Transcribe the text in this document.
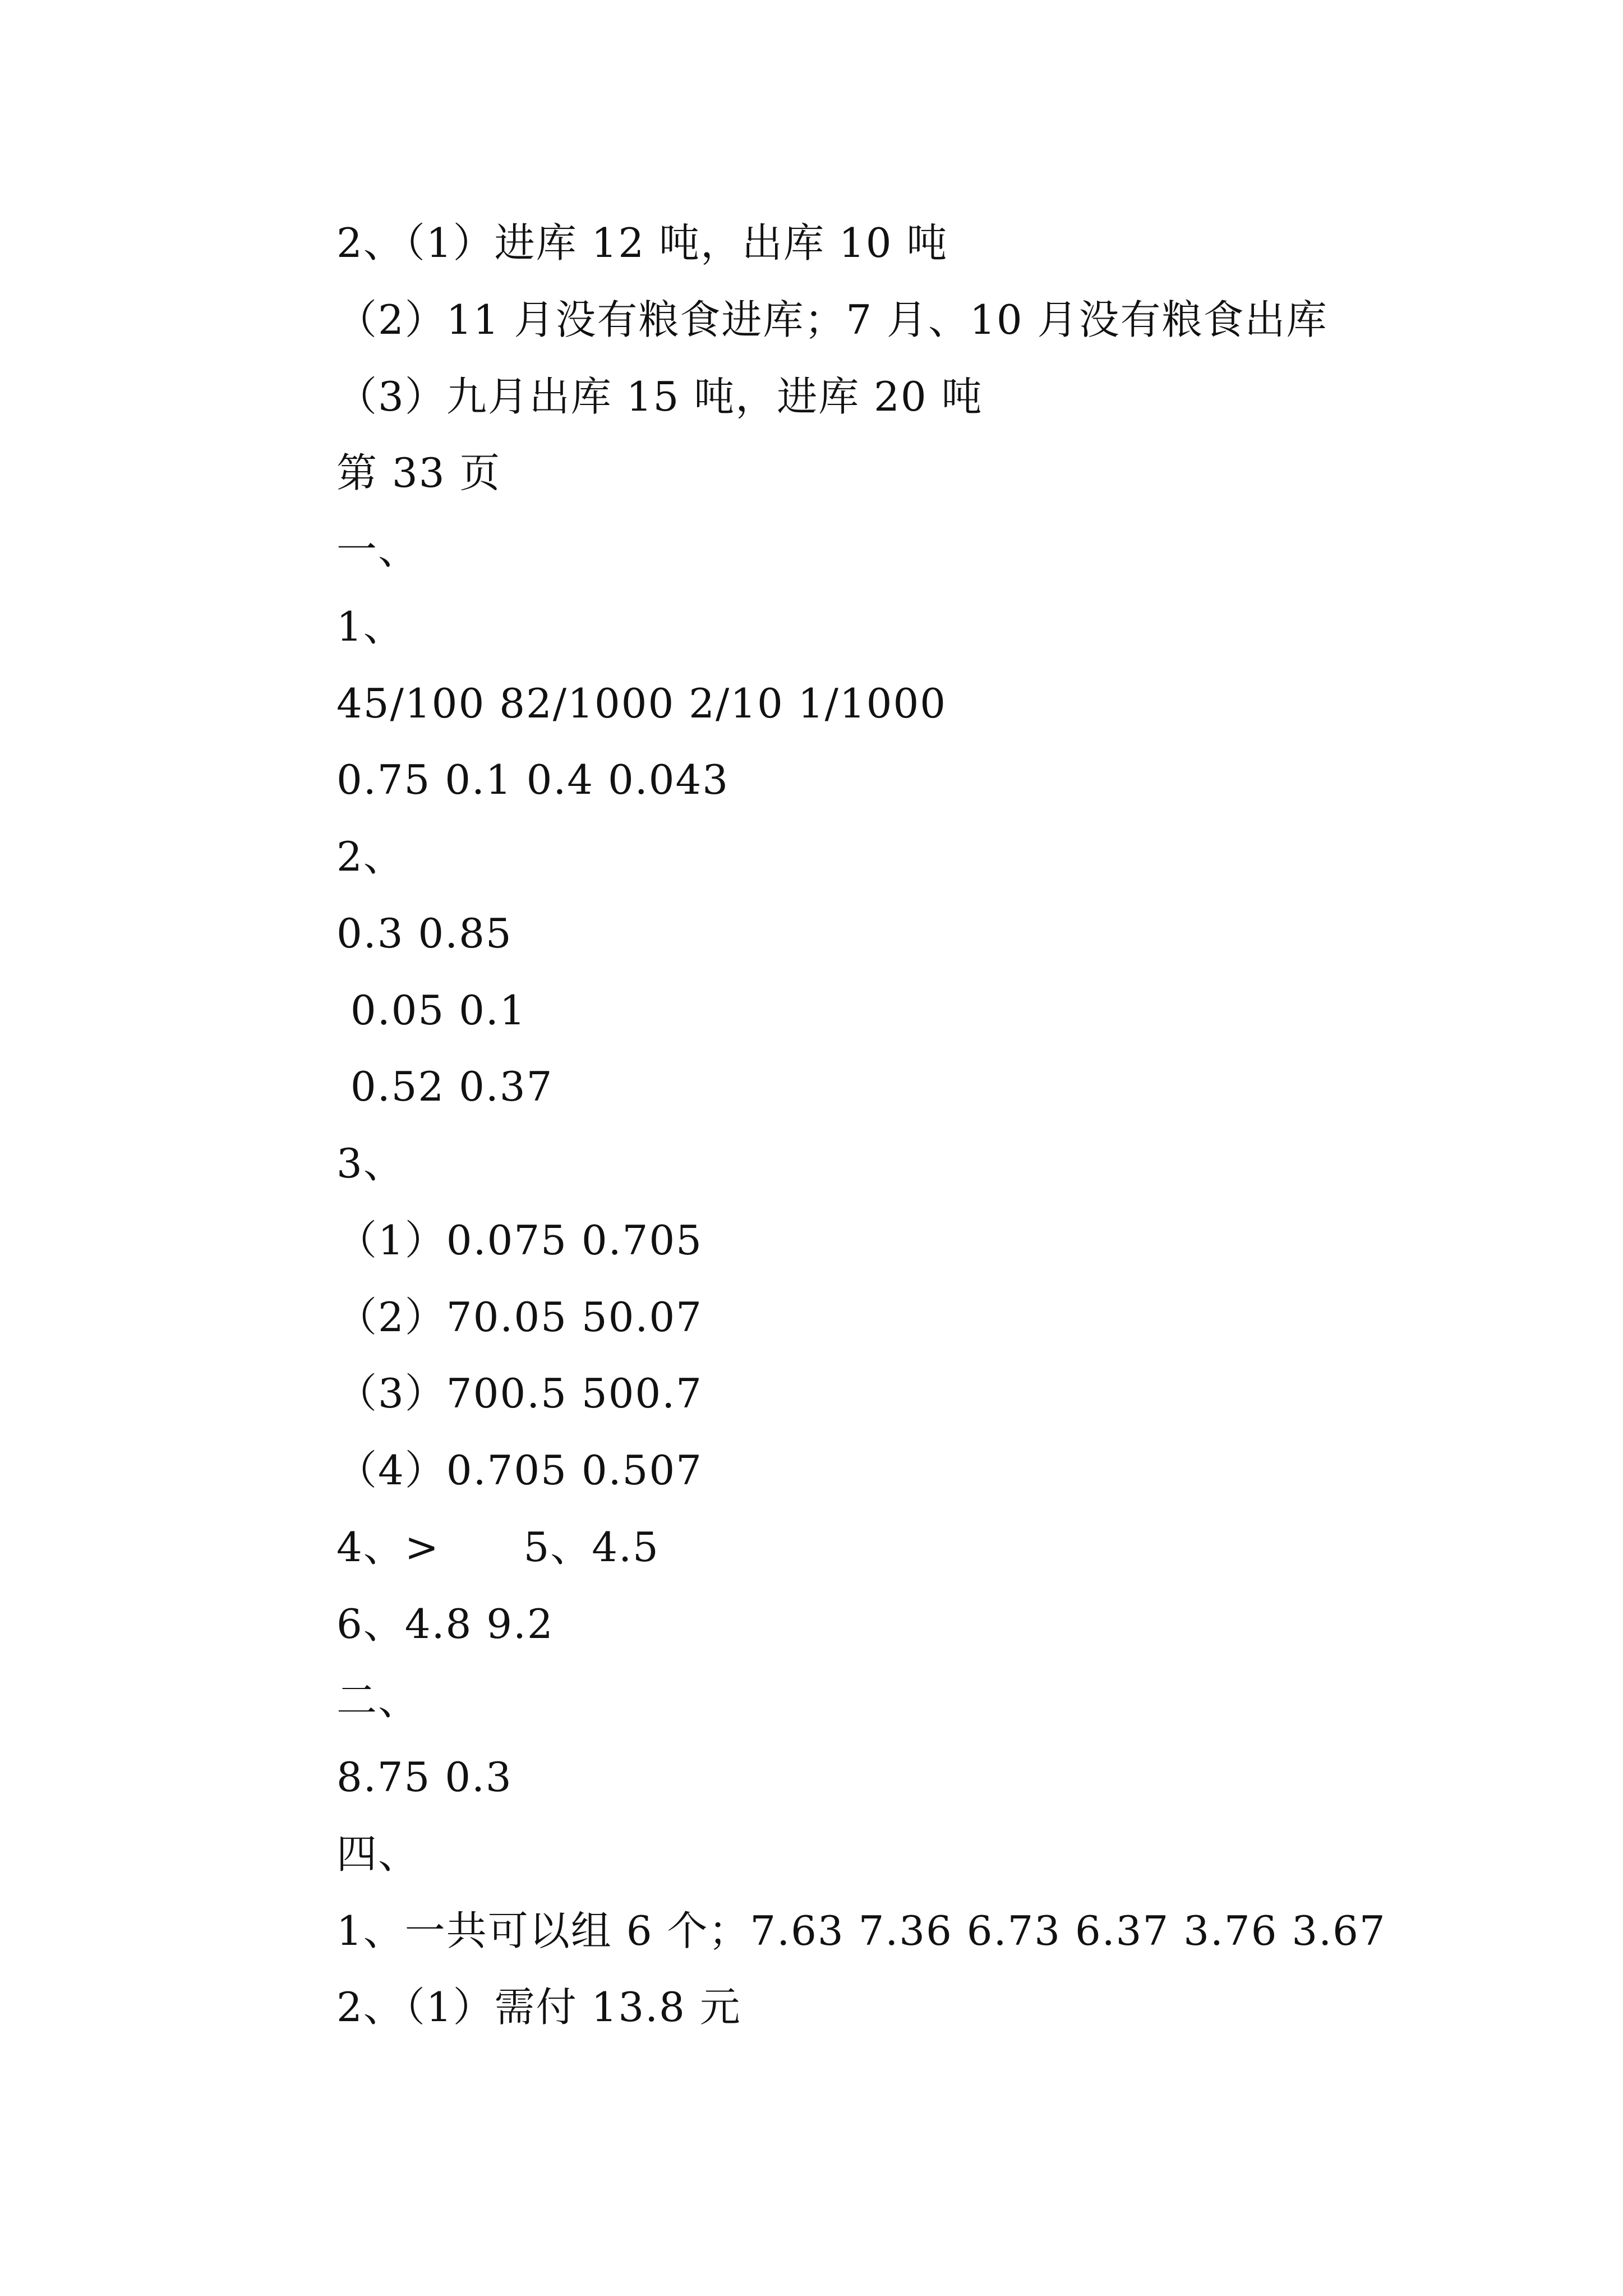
2、（1）进库 12 吨，出库 10 吨
（2）11 月没有粮食进库；7 月、10 月没有粮食出库
（3）九月出库 15 吨，进库 20 吨
第 33 页
一、
1、
45/100 82/1000 2/10 1/1000
0.75 0.1 0.4 0.043
2、
0.3 0.85
0.05 0.1
0.52 0.37
3、
（1）0.075 0.705
（2）70.05 50.07
（3）700.5 500.7
（4）0.705 0.507
4、>      5、4.5
6、4.8 9.2
二、
8.75 0.3
四、
1、一共可以组 6 个；7.63 7.36 6.73 6.37 3.76 3.67
2、（1）需付 13.8 元
